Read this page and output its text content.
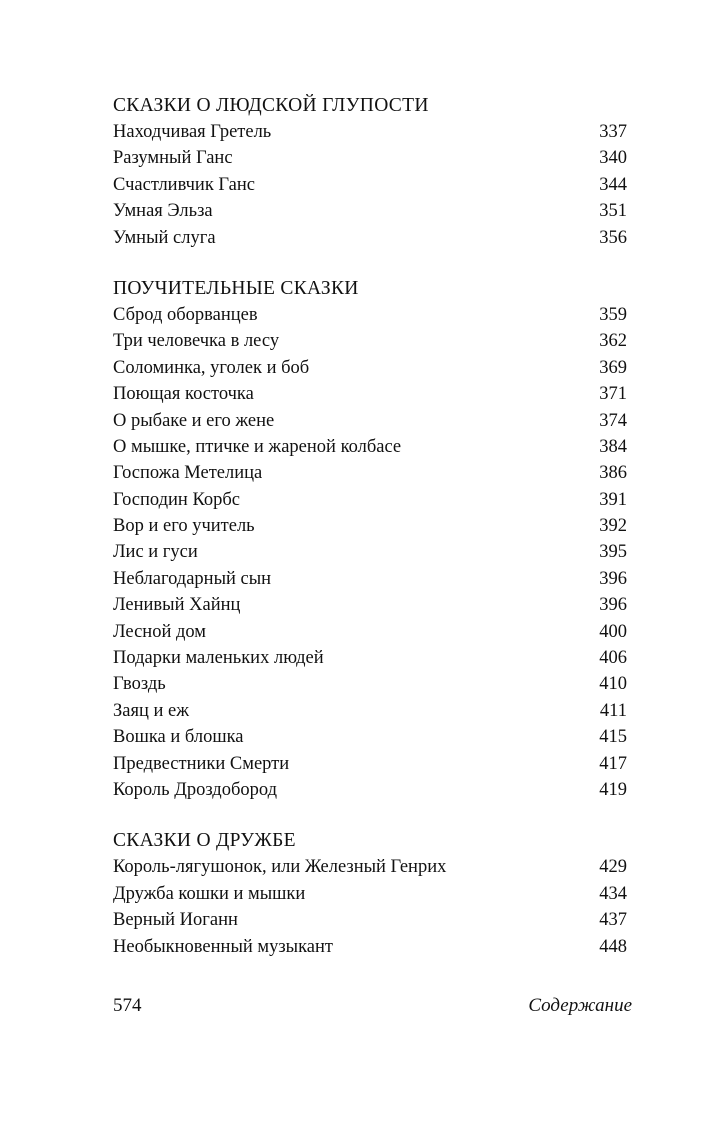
СКАЗКИ О ЛЮДСКОЙ ГЛУПОСТИ
Находчивая Гретель	337
Разумный Ганс	340
Счастливчик Ганс	344
Умная Эльза	351
Умный слуга	356
ПОУЧИТЕЛЬНЫЕ СКАЗКИ
Сброд оборванцев	359
Три человечка в лесу	362
Соломинка, уголек и боб	369
Поющая косточка	371
О рыбаке и его жене	374
О мышке, птичке и жареной колбасе	384
Госпожа Метелица	386
Господин Корбс	391
Вор и его учитель	392
Лис и гуси	395
Неблагодарный сын	396
Ленивый Хайнц	396
Лесной дом	400
Подарки маленьких людей	406
Гвоздь	410
Заяц и еж	411
Вошка и блошка	415
Предвестники Смерти	417
Король Дроздобород	419
СКАЗКИ О ДРУЖБЕ
Король-лягушонок, или Железный Генрих	429
Дружба кошки и мышки	434
Верный Иоганн	437
Необыкновенный музыкант	448
574	Содержание
